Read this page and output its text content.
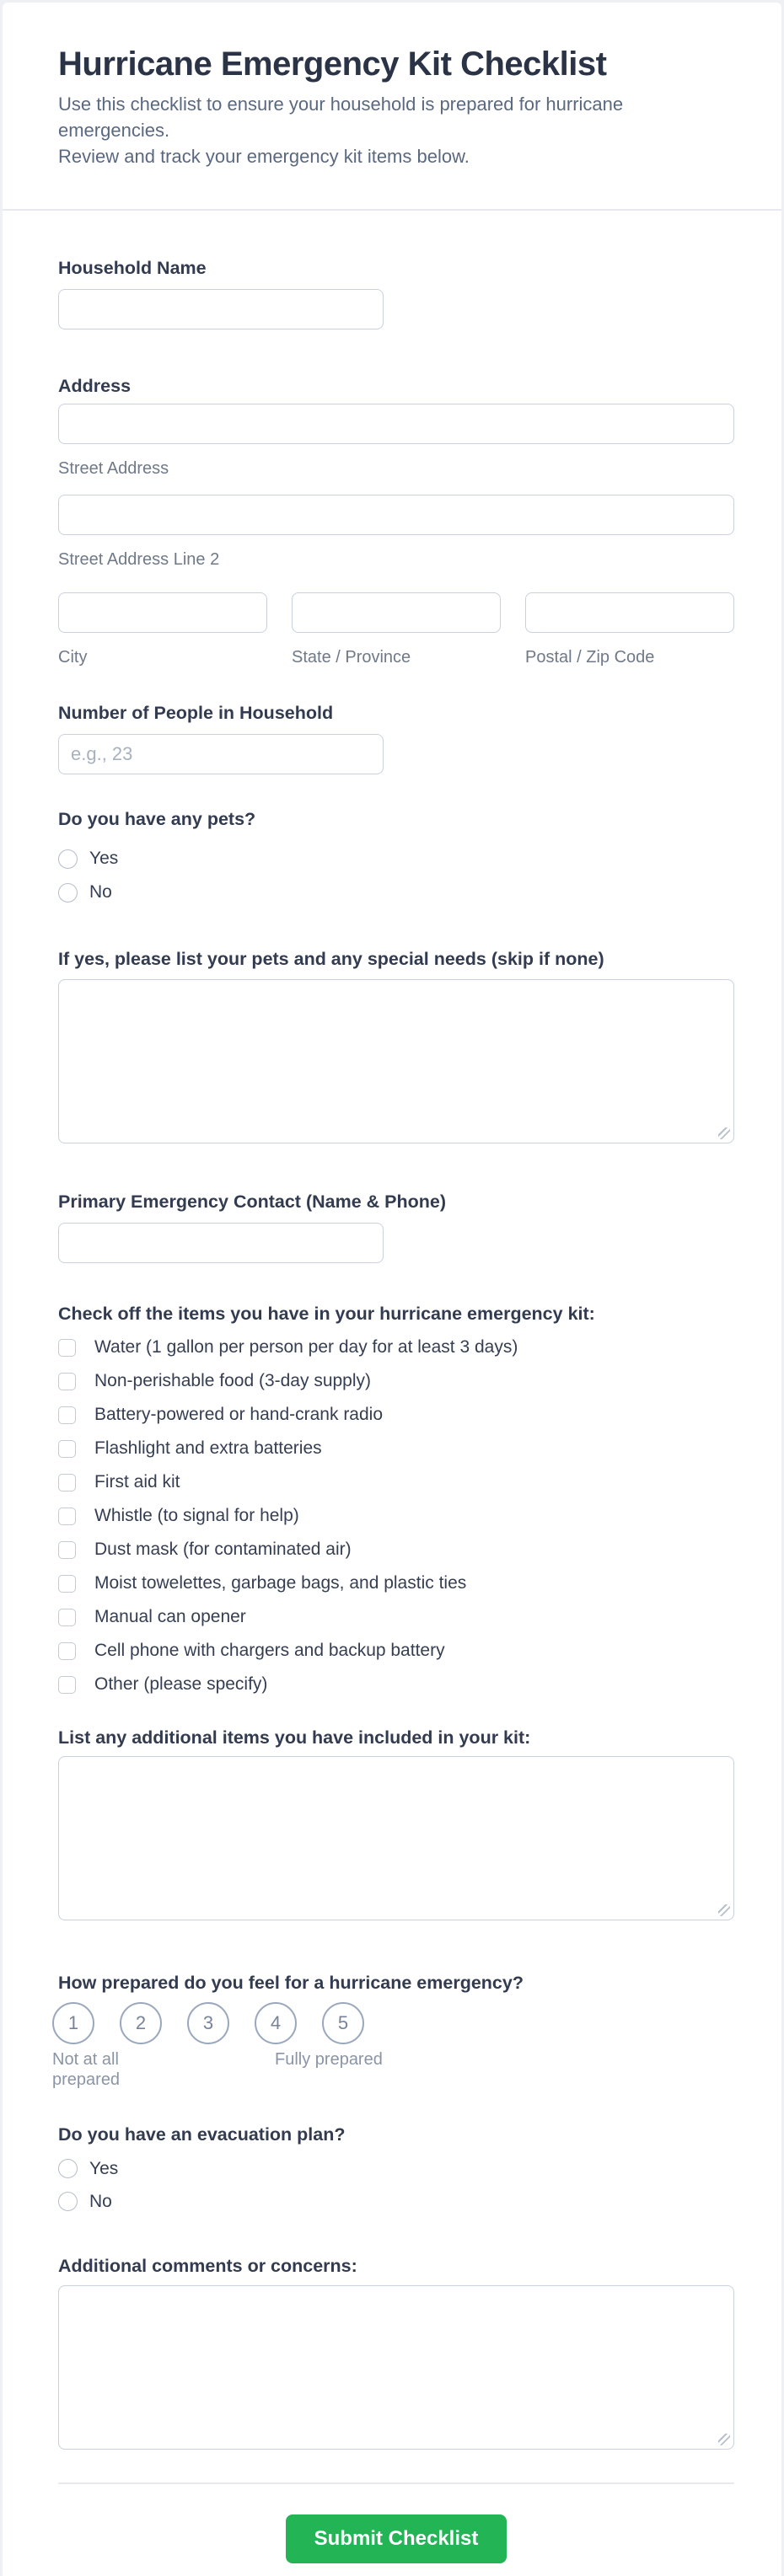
Hurricane Emergency Kit Checklist
Use this checklist to ensure your household is prepared for hurricane emergencies.
Review and track your emergency kit items below.
Household Name
Address
Street Address
Street Address Line 2
City	State / Province	Postal / Zip Code
Number of People in Household
e.g., 23
Do you have any pets?
Yes
No
If yes, please list your pets and any special needs (skip if none)
Primary Emergency Contact (Name & Phone)
Check off the items you have in your hurricane emergency kit:
Water (1 gallon per person per day for at least 3 days)
Non-perishable food (3-day supply)
Battery-powered or hand-crank radio
Flashlight and extra batteries
First aid kit
Whistle (to signal for help)
Dust mask (for contaminated air)
Moist towelettes, garbage bags, and plastic ties
Manual can opener
Cell phone with chargers and backup battery
Other (please specify)
List any additional items you have included in your kit:
How prepared do you feel for a hurricane emergency?
1	2	3	4	5
Not at all
prepared
Fully prepared
Do you have an evacuation plan?
Yes
No
Additional comments or concerns:
Submit Checklist
